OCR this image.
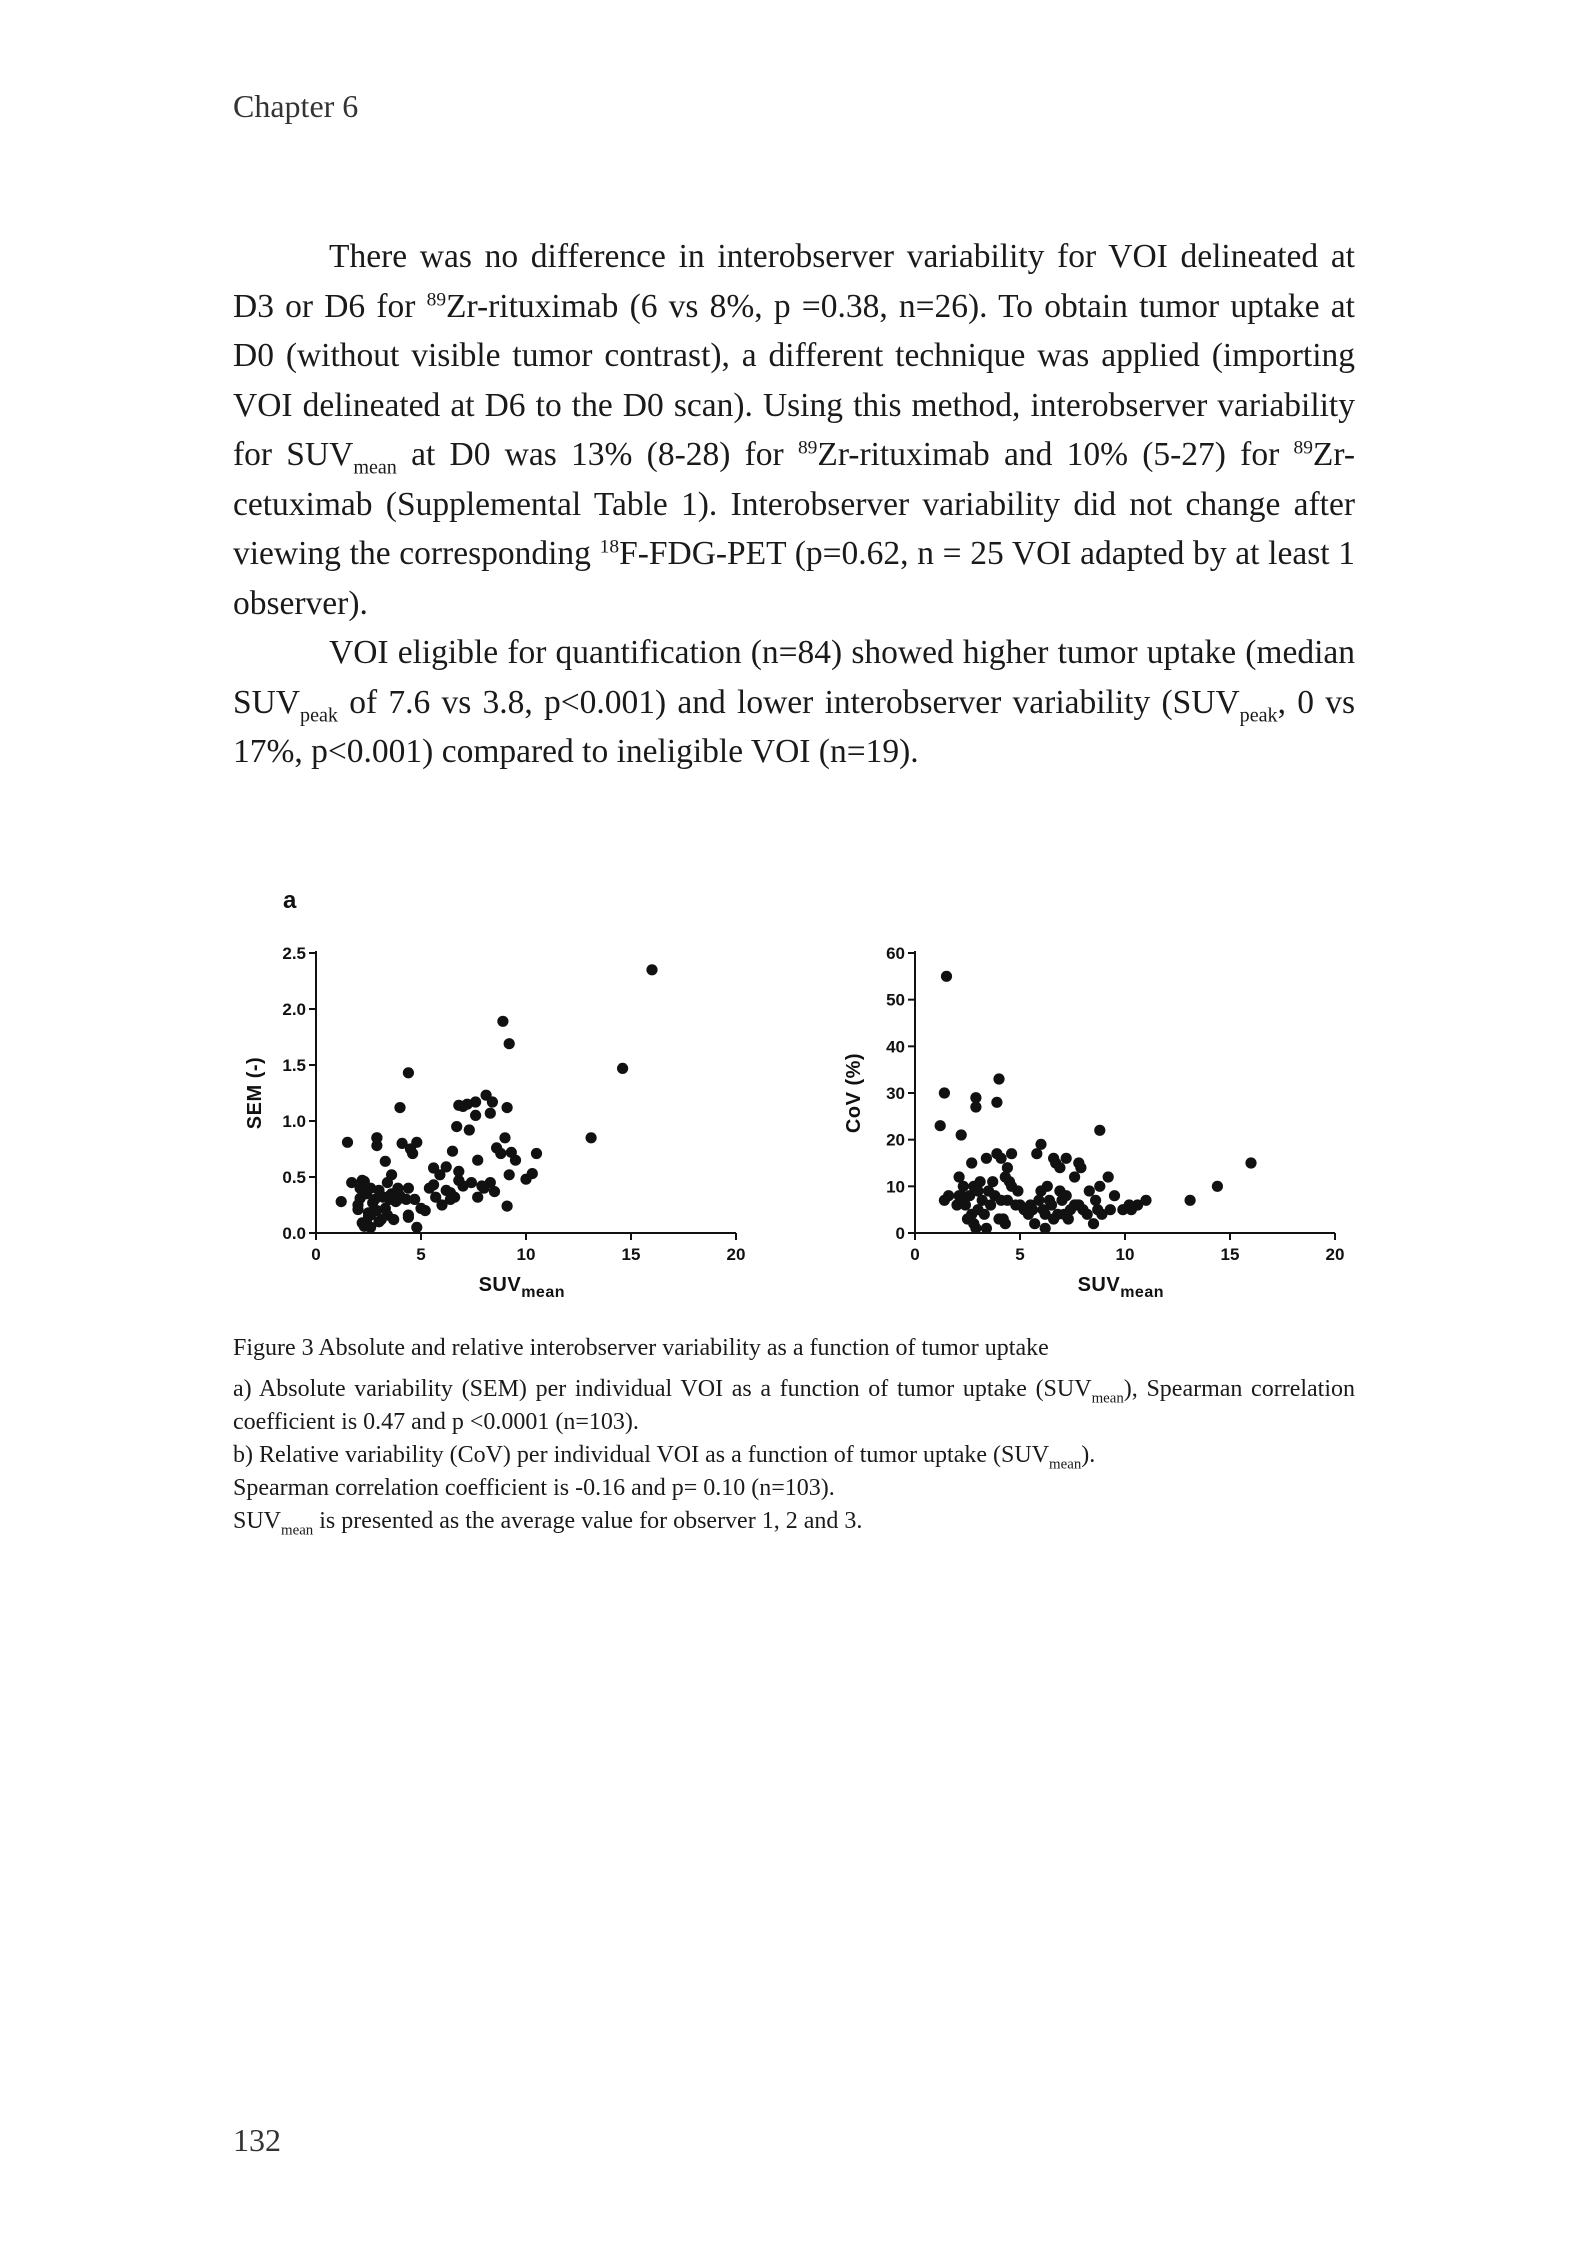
Chapter 6

There was no difference in interobserver variability for VOI delineated at D3 or D6 for $^{89}$Zr-rituximab (6 vs 8%, p =0.38, n=26). To obtain tumor uptake at D0 (without visible tumor contrast), a different technique was applied (importing VOI delineated at D6 to the D0 scan). Using this method, interobserver variability for $SUV_{mean}$ at D0 was 13% (8-28) for $^{89}$Zr-rituximab and 10% (5-27) for $^{89}$Zr-cetuximab (Supplemental Table 1). Interobserver variability did not change after viewing the corresponding $^{18}$F-FDG-PET (p=0.62, n = 25 VOI adapted by at least 1 observer).

VOI eligible for quantification (n=84) showed higher tumor uptake (median $SUV_{peak}$ of 7.6 vs 3.8, p<0.001) and lower interobserver variability ($SUV_{peak}$, 0 vs 17%, p<0.001) compared to ineligible VOI (n=19).

a
0.0
0.5
1.0
1.5
2.0
2.5
0	5	10	15	20
$SUV_{mean}$
SEM (-)
0
10
20
30
40
50
60
0	5	10	15	20
$SUV_{mean}$
CoV (%)

Figure 3 Absolute and relative interobserver variability as a function of tumor uptake

a) Absolute variability (SEM) per individual VOI as a function of tumor uptake $(SUV_{mean})$, Spearman correlation coefficient is 0.47 and p <0.0001 (n=103).

b) Relative variability (CoV) per individual VOI as a function of tumor uptake $(SUV_{mean})$.

Spearman correlation coefficient is -0.16 and p= 0.10 (n=103).

$SUV_{mean}$ is presented as the average value for observer 1, 2 and 3.

132
